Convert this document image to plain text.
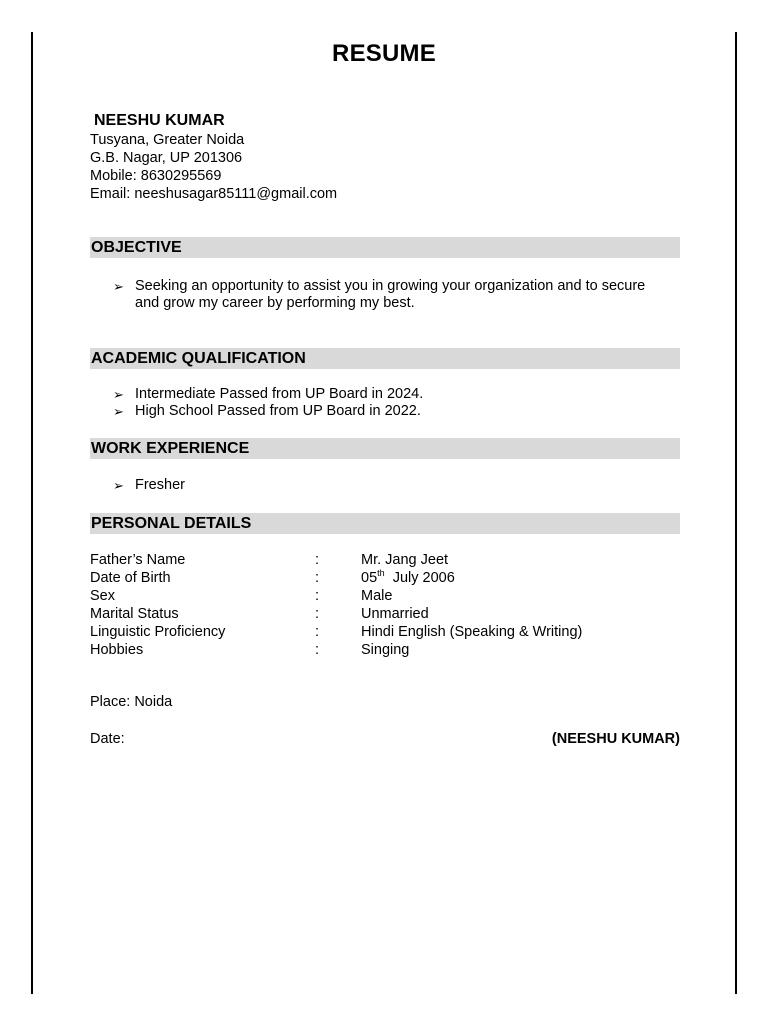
RESUME
NEESHU KUMAR
Tusyana, Greater Noida
G.B. Nagar, UP 201306
Mobile: 8630295569
Email: neeshusagar85111@gmail.com
OBJECTIVE
➢ Seeking an opportunity to assist you in growing your organization and to secure and grow my career by performing my best.
ACADEMIC QUALIFICATION
➢ Intermediate Passed from UP Board in 2024.
➢ High School Passed from UP Board in 2022.
WORK EXPERIENCE
➢ Fresher
PERSONAL DETAILS
Father’s Name	:	Mr. Jang Jeet
Date of Birth	:	05th  July 2006
Sex	:	Male
Marital Status	:	Unmarried
Linguistic Proficiency	:	Hindi English (Speaking & Writing)
Hobbies	:	Singing
Place: Noida
Date:	(NEESHU KUMAR)
